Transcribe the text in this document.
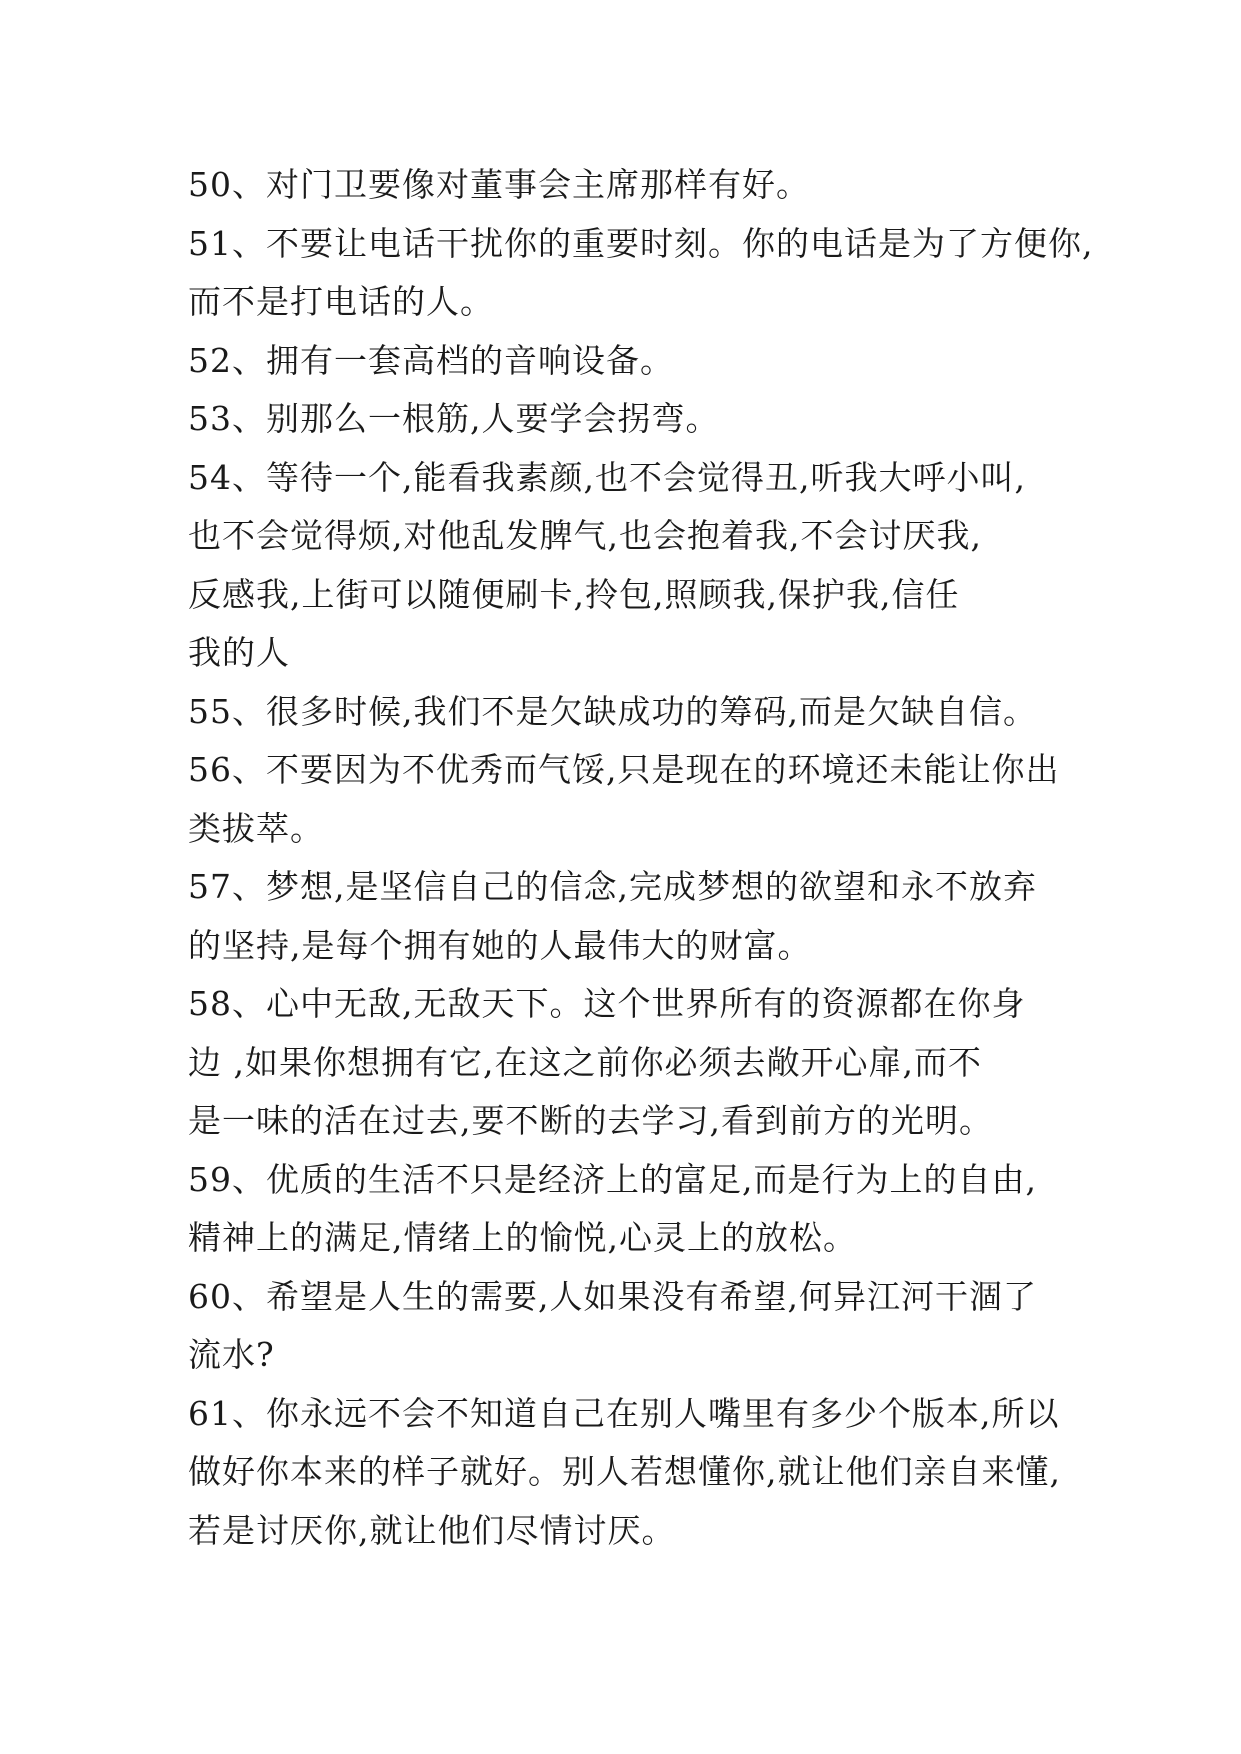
50、对门卫要像对董事会主席那样有好。
51、不要让电话干扰你的重要时刻。你的电话是为了方便你,
而不是打电话的人。
52、拥有一套高档的音响设备。
53、别那么一根筋,人要学会拐弯。
54、等待一个,能看我素颜,也不会觉得丑,听我大呼小叫,
也不会觉得烦,对他乱发脾气,也会抱着我,不会讨厌我,
反感我,上街可以随便刷卡,拎包,照顾我,保护我,信任
我的人
55、很多时候,我们不是欠缺成功的筹码,而是欠缺自信。
56、不要因为不优秀而气馁,只是现在的环境还未能让你出
类拔萃。
57、梦想,是坚信自己的信念,完成梦想的欲望和永不放弃
的坚持,是每个拥有她的人最伟大的财富。
58、心中无敌,无敌天下。这个世界所有的资源都在你身
边 ,如果你想拥有它,在这之前你必须去敞开心扉,而不
是一味的活在过去,要不断的去学习,看到前方的光明。
59、优质的生活不只是经济上的富足,而是行为上的自由,
精神上的满足,情绪上的愉悦,心灵上的放松。
60、希望是人生的需要,人如果没有希望,何异江河干涸了
流水?
61、你永远不会不知道自己在别人嘴里有多少个版本,所以
做好你本来的样子就好。别人若想懂你,就让他们亲自来懂,
若是讨厌你,就让他们尽情讨厌。
